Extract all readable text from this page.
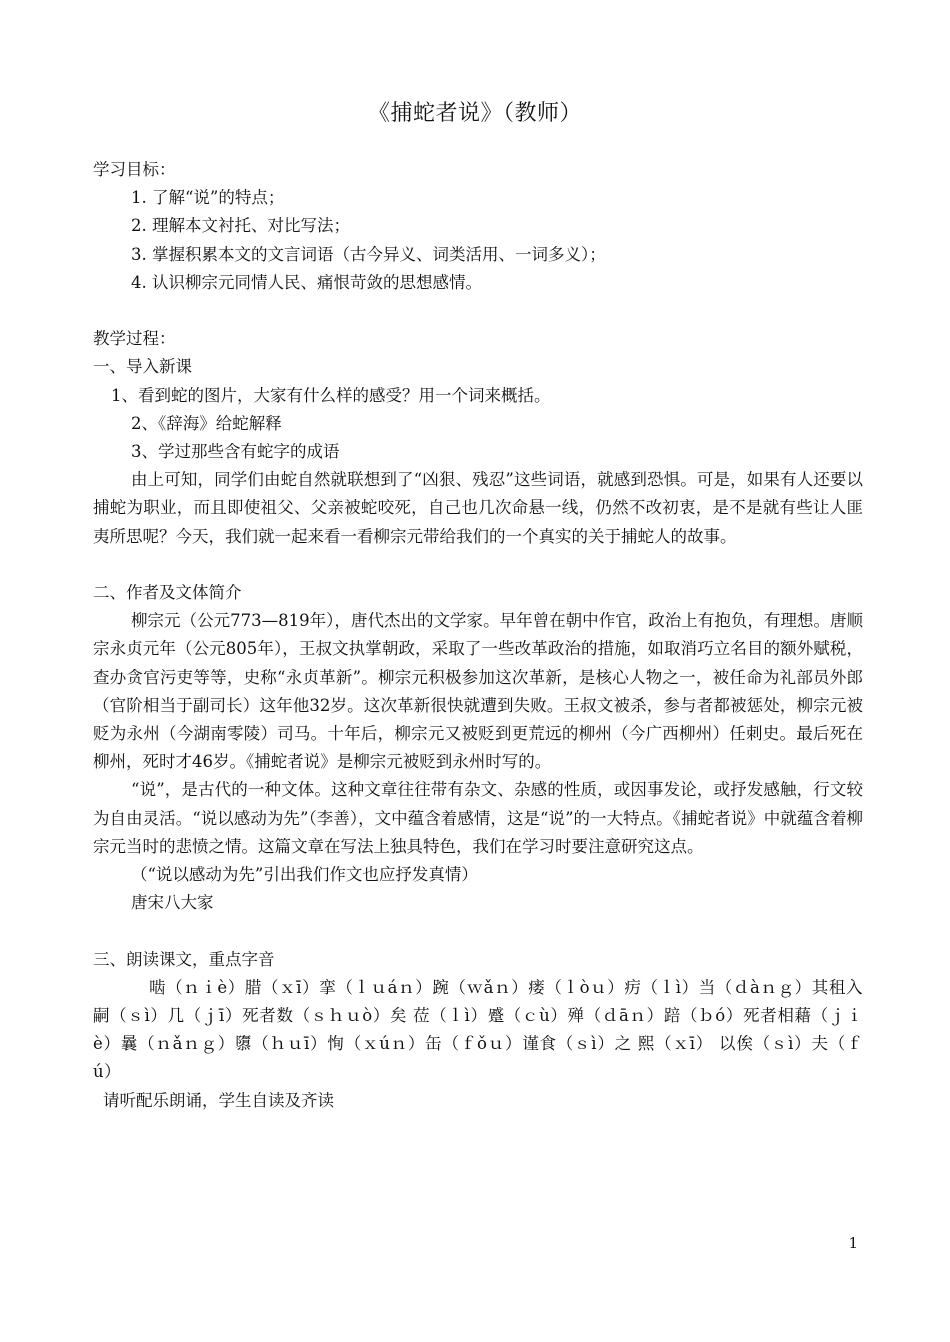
《捕蛇者说》（教师）

学习目标：

1. 了解“说”的特点；

2. 理解本文衬托、对比写法；

3. 掌握积累本文的文言词语（古今异义、词类活用、一词多义）；

4. 认识柳宗元同情人民、痛恨苛敛的思想感情。

教学过程：

一、导入新课

1、看到蛇的图片，大家有什么样的感受？用一个词来概括。

2、《辞海》给蛇解释

3、学过那些含有蛇字的成语

由上可知，同学们由蛇自然就联想到了“凶狠、残忍”这些词语，就感到恐惧。可是，如果有人还要以捕蛇为职业，而且即使祖父、父亲被蛇咬死，自己也几次命悬一线，仍然不改初衷，是不是就有些让人匪夷所思呢？今天，我们就一起来看一看柳宗元带给我们的一个真实的关于捕蛇人的故事。

二、作者及文体简介

柳宗元（公元773—819年），唐代杰出的文学家。早年曾在朝中作官，政治上有抱负，有理想。唐顺宗永贞元年（公元805年），王叔文执掌朝政，采取了一些改革政治的措施，如取消巧立名目的额外赋税，查办贪官污吏等等，史称“永贞革新”。柳宗元积极参加这次革新，是核心人物之一，被任命为礼部员外郎（官阶相当于副司长）这年他32岁。这次革新很快就遭到失败。王叔文被杀，参与者都被惩处，柳宗元被贬为永州（今湖南零陵）司马。十年后，柳宗元又被贬到更荒远的柳州（今广西柳州）任刺史。最后死在柳州，死时才46岁。《捕蛇者说》是柳宗元被贬到永州时写的。

“说”，是古代的一种文体。这种文章往往带有杂文、杂感的性质，或因事发论，或抒发感触，行文较为自由灵活。“说以感动为先”（李善），文中蕴含着感情，这是“说”的一大特点。《捕蛇者说》中就蕴含着柳宗元当时的悲愤之情。这篇文章在写法上独具特色，我们在学习时要注意研究这点。

（“说以感动为先”引出我们作文也应抒发真情）

唐宋八大家

三、朗读课文，重点字音

啮（ｎｉè）腊（ｘī）挛（ｌｕáｎ）踠（ｗǎｎ）瘘（ｌòｕ）疠（ｌì）当（ｄàｎｇ）其租入 嗣（ｓì）几（ｊī）死者数（ｓｈｕò）矣 莅（ｌì）蹙（ｃù）殚（ｄāｎ）踣（ｂó）死者相藉（ｊｉè）曩（ｎǎｎｇ）隳（ｈｕī）恂（ｘúｎ）缶（ｆǒｕ）谨食（ｓì）之 熙（ｘī） 以俟（ｓì）夫（ｆú）

请听配乐朗诵，学生自读及齐读

1
